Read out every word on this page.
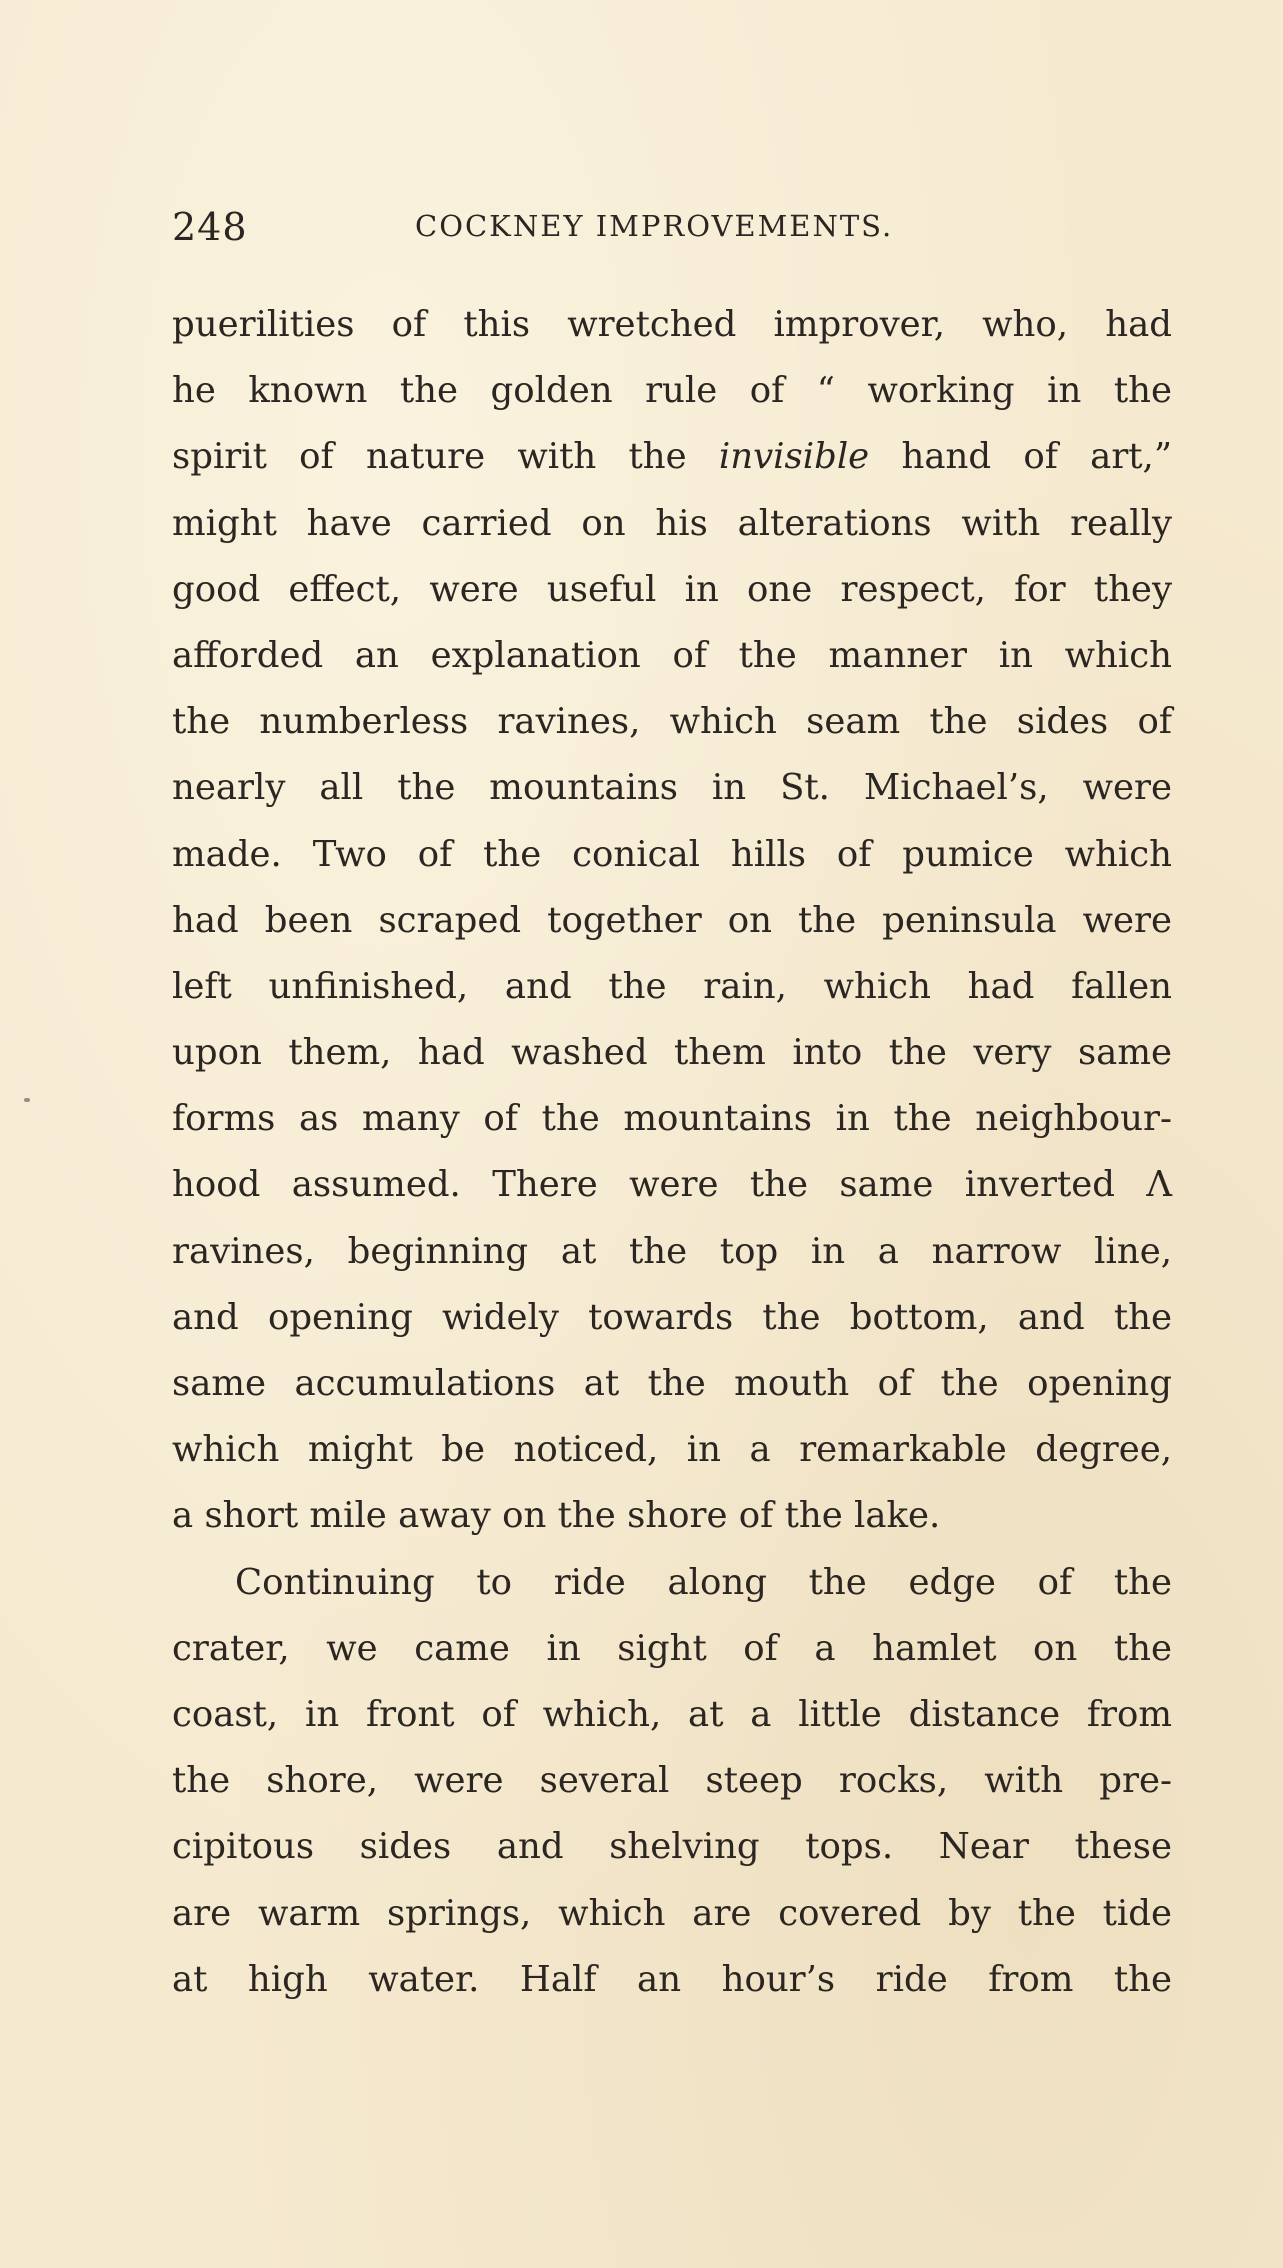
248	COCKNEY IMPROVEMENTS.
puerilities of this wretched improver, who, had
he known the golden rule of “ working in the
spirit of nature with the invisible hand of art,”
might have carried on his alterations with really
good effect, were useful in one respect, for they
afforded an explanation of the manner in which
the numberless ravines, which seam the sides of
nearly all the mountains in St. Michael’s, were
made. Two of the conical hills of pumice which
had been scraped together on the peninsula were
left unfinished, and the rain, which had fallen
upon them, had washed them into the very same
forms as many of the mountains in the neighbour-
hood assumed. There were the same inverted Λ
ravines, beginning at the top in a narrow line,
and opening widely towards the bottom, and the
same accumulations at the mouth of the opening
which might be noticed, in a remarkable degree,
a short mile away on the shore of the lake.
Continuing to ride along the edge of the
crater, we came in sight of a hamlet on the
coast, in front of which, at a little distance from
the shore, were several steep rocks, with pre-
cipitous sides and shelving tops. Near these
are warm springs, which are covered by the tide
at high water. Half an hour’s ride from the
